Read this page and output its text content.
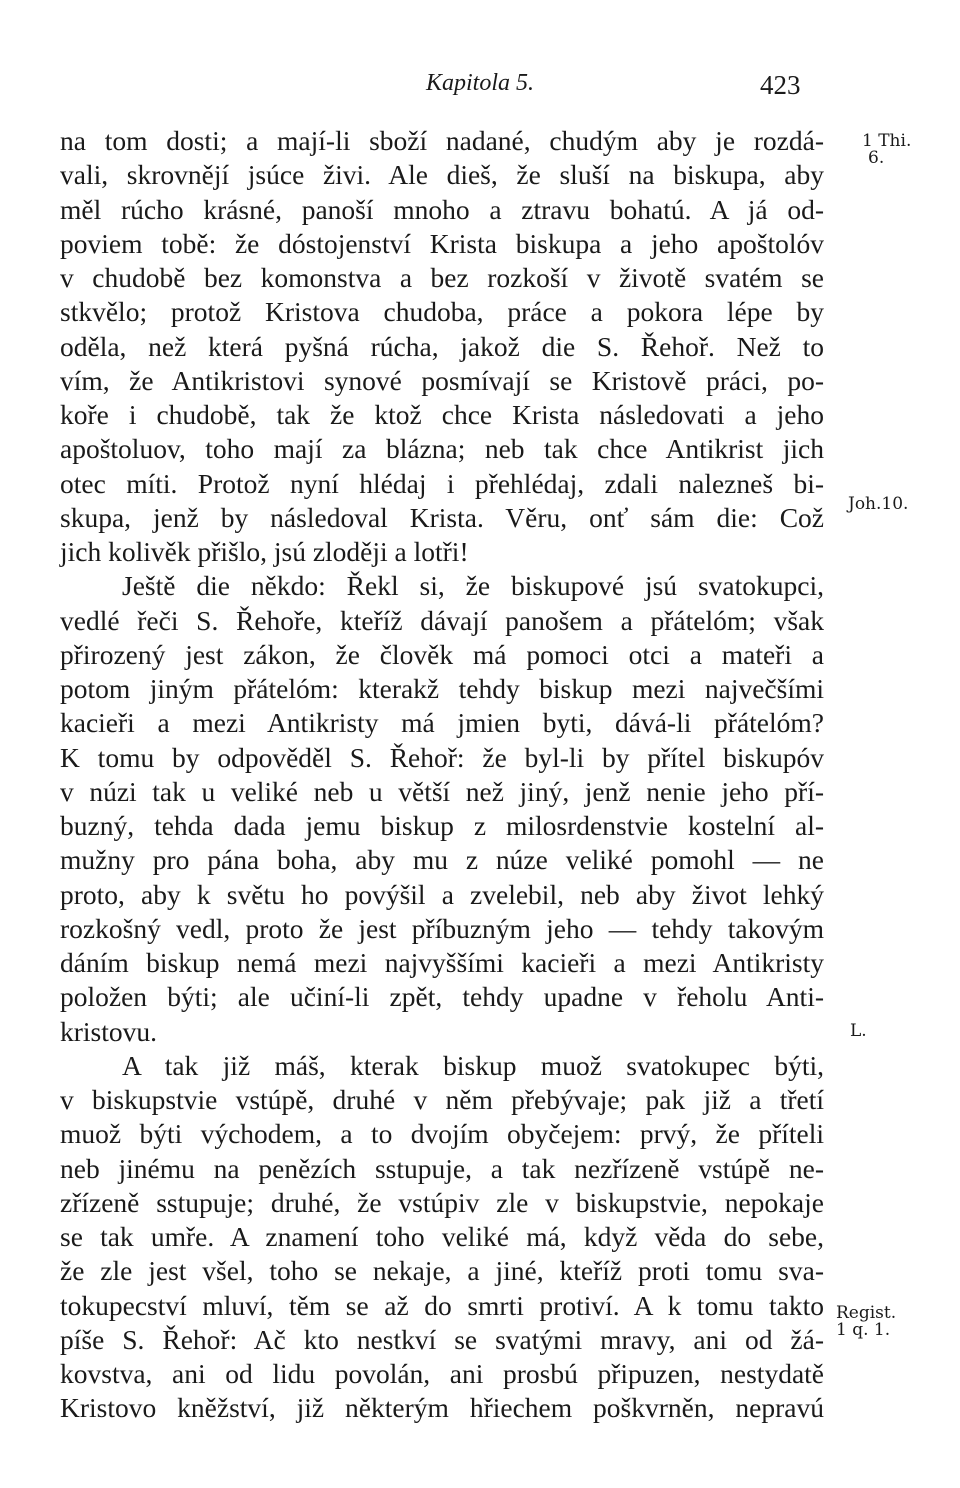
Kapitola 5.	423
na tom dosti; a mají-li sboží nadané, chudým aby je rozdá-
vali, skrovnějí jsúce živi. Ale dieš, že sluší na biskupa, aby
měl rúcho krásné, panoší mnoho a ztravu bohatú. A já od-
poviem tobě: že dóstojenství Krista biskupa a jeho apoštolóv
v chudobě bez komonstva a bez rozkoší v životě svatém se
stkvělo; protož Kristova chudoba, práce a pokora lépe by
oděla, než která pyšná rúcha, jakož die S. Řehoř. Než to
vím, že Antikristovi synové posmívají se Kristově práci, po-
koře i chudobě, tak že ktož chce Krista následovati a jeho
apoštoluov, toho mají za blázna; neb tak chce Antikrist jich
otec míti. Protož nyní hlédaj i přehlédaj, zdali nalezneš bi-
skupa, jenž by následoval Krista. Věru, onť sám die: Což
jich kolivěk přišlo, jsú zloději a lotři!
Ještě die někdo: Řekl si, že biskupové jsú svatokupci,
vedlé řeči S. Řehoře, kteříž dávají panošem a přátelóm; však
přirozený jest zákon, že člověk má pomoci otci a mateři a
potom jiným přátelóm: kterakž tehdy biskup mezi največšími
kacieři a mezi Antikristy má jmien byti, dává-li přátelóm?
K tomu by odpověděl S. Řehoř: že byl-li by přítel biskupóv
v núzi tak u veliké neb u větší než jiný, jenž nenie jeho pří-
buzný, tehda dada jemu biskup z milosrdenstvie kostelní al-
mužny pro pána boha, aby mu z núze veliké pomohl — ne
proto, aby k světu ho povýšil a zvelebil, neb aby život lehký
rozkošný vedl, proto že jest příbuzným jeho — tehdy takovým
dáním biskup nemá mezi najvyššími kacieři a mezi Antikristy
položen býti; ale učiní-li zpět, tehdy upadne v řeholu Anti-
kristovu.
A tak již máš, kterak biskup muož svatokupec býti,
v biskupstvie vstúpě, druhé v něm přebývaje; pak již a třetí
muož býti východem, a to dvojím obyčejem: prvý, že příteli
neb jinému na penězích sstupuje, a tak nezřízeně vstúpě ne-
zřízeně sstupuje; druhé, že vstúpiv zle v biskupstvie, nepokaje
se tak umře. A znamení toho veliké má, když věda do sebe,
že zle jest všel, toho se nekaje, a jiné, kteříž proti tomu sva-
tokupecství mluví, těm se až do smrti protiví. A k tomu takto
píše S. Řehoř: Ač kto nestkví se svatými mravy, ani od žá-
kovstva, ani od lidu povolán, ani prosbú připuzen, nestydatě
Kristovo kněžství, již některým hřiechem poškvrněn, nepravú
1 Thi.
6.
Joh.10.
L.
Regist.
1 q. 1.
